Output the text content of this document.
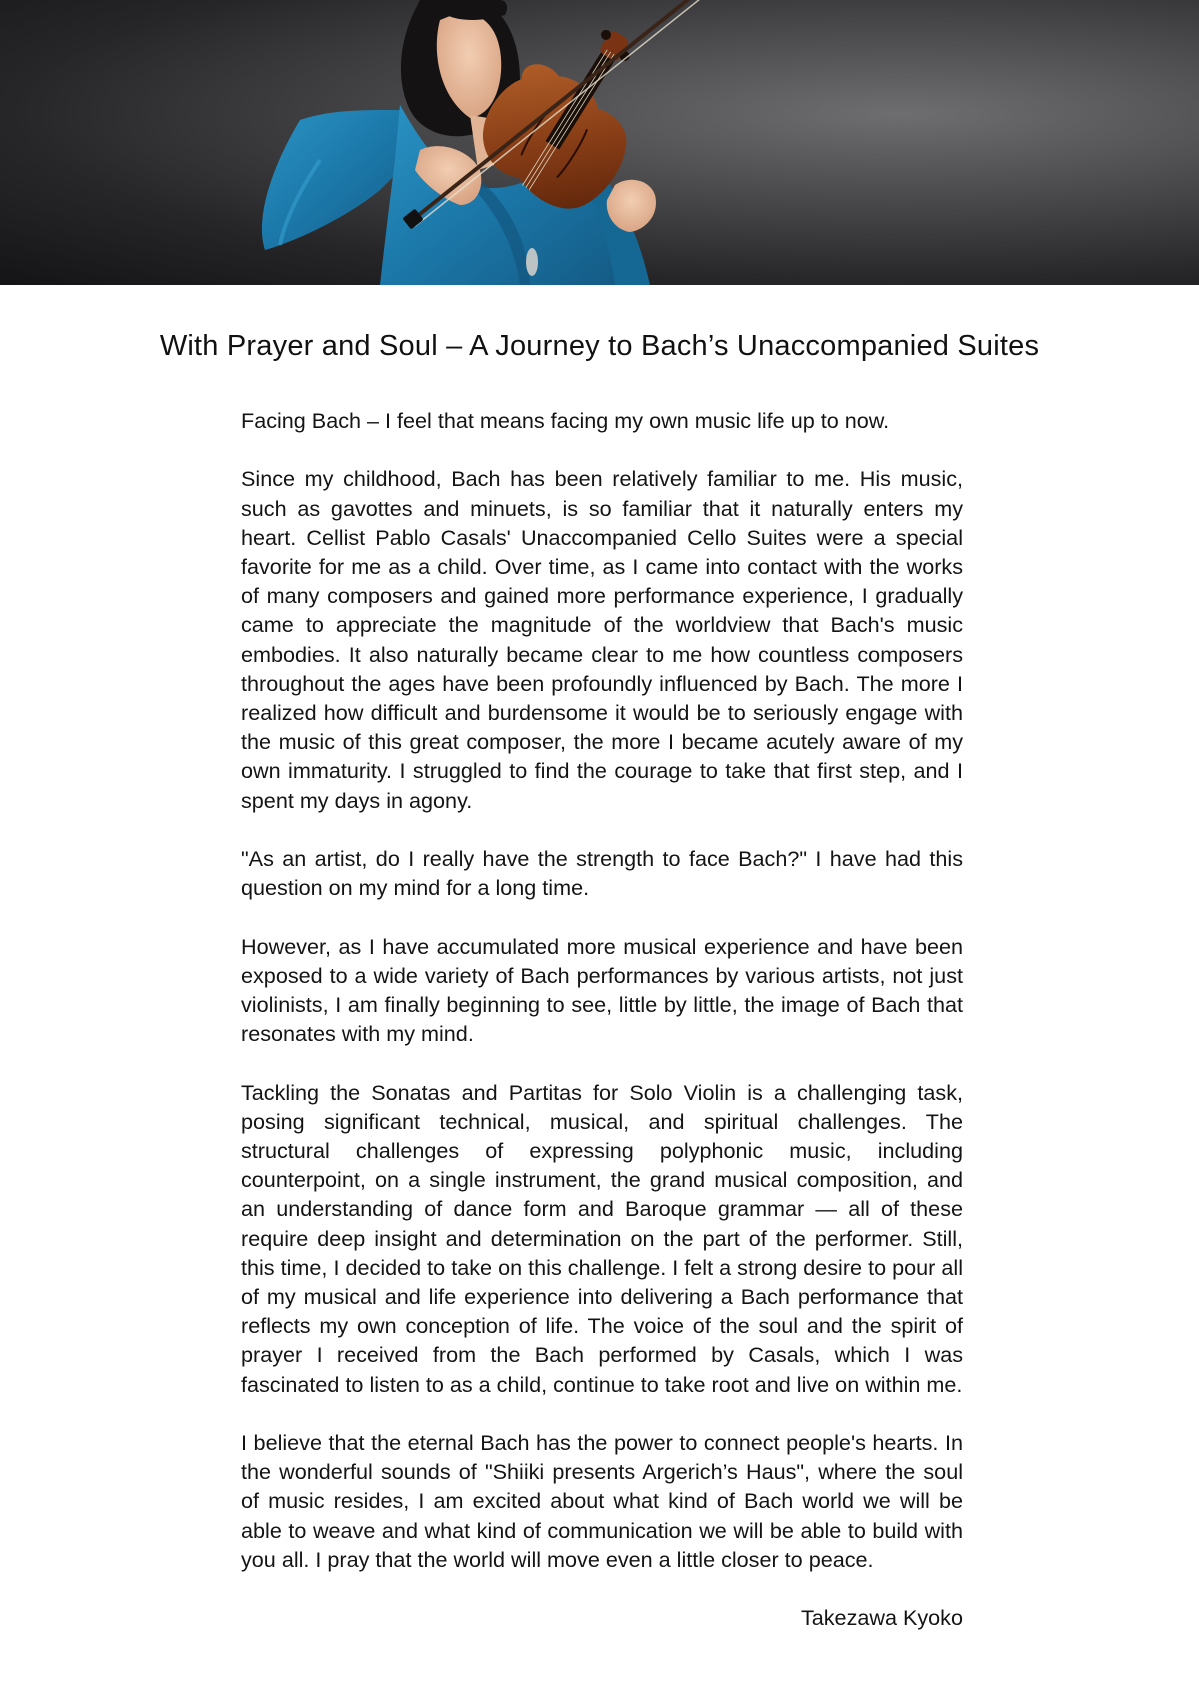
With Prayer and Soul – A Journey to Bach’s Unaccompanied Suites

Facing Bach – I feel that means facing my own music life up to now.

Since my childhood, Bach has been relatively familiar to me. His music, such as gavottes and minuets, is so familiar that it naturally enters my heart. Cellist Pablo Casals' Unaccompanied Cello Suites were a special favorite for me as a child. Over time, as I came into contact with the works of many composers and gained more performance experience, I gradually came to appreciate the magnitude of the worldview that Bach's music embodies. It also naturally became clear to me how countless composers throughout the ages have been profoundly influenced by Bach. The more I realized how difficult and burdensome it would be to seriously engage with the music of this great composer, the more I became acutely aware of my own immaturity. I struggled to find the courage to take that first step, and I spent my days in agony.

"As an artist, do I really have the strength to face Bach?" I have had this question on my mind for a long time.

However, as I have accumulated more musical experience and have been exposed to a wide variety of Bach performances by various artists, not just violinists, I am finally beginning to see, little by little, the image of Bach that resonates with my mind.

Tackling the Sonatas and Partitas for Solo Violin is a challenging task, posing significant technical, musical, and spiritual challenges. The structural challenges of expressing polyphonic music, including counterpoint, on a single instrument, the grand musical composition, and an understanding of dance form and Baroque grammar — all of these require deep insight and determination on the part of the performer. Still, this time, I decided to take on this challenge. I felt a strong desire to pour all of my musical and life experience into delivering a Bach performance that reflects my own conception of life. The voice of the soul and the spirit of prayer I received from the Bach performed by Casals, which I was fascinated to listen to as a child, continue to take root and live on within me.

I believe that the eternal Bach has the power to connect people's hearts. In the wonderful sounds of "Shiiki presents Argerich’s Haus", where the soul of music resides, I am excited about what kind of Bach world we will be able to weave and what kind of communication we will be able to build with you all. I pray that the world will move even a little closer to peace.

Takezawa Kyoko
